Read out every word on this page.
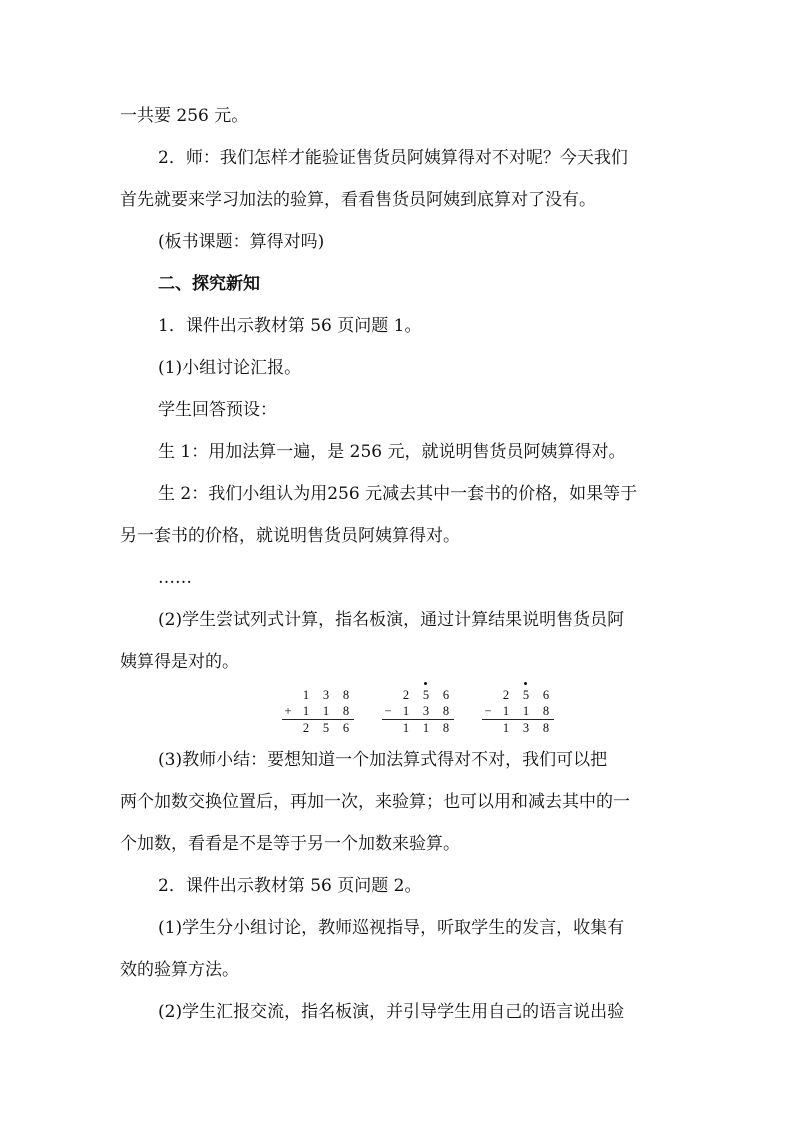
一共要 256 元。
2．师：我们怎样才能验证售货员阿姨算得对不对呢？今天我们
首先就要来学习加法的验算，看看售货员阿姨到底算对了没有。
(板书课题：算得对吗)
二、探究新知
1．课件出示教材第 56 页问题 1。
(1)小组讨论汇报。
学生回答预设：
生 1：用加法算一遍，是 256 元，就说明售货员阿姨算得对。
生 2：我们小组认为用256 元减去其中一套书的价格，如果等于
另一套书的价格，就说明售货员阿姨算得对。
……
(2)学生尝试列式计算，指名板演，通过计算结果说明售货员阿
姨算得是对的。
1 3 8
+ 1 1 8
2 5 6
2 5 6
− 1 3 8
1 1 8
2 5 6
− 1 1 8
1 3 8
(3)教师小结：要想知道一个加法算式得对不对，我们可以把
两个加数交换位置后，再加一次，来验算；也可以用和减去其中的一
个加数，看看是不是等于另一个加数来验算。
2．课件出示教材第 56 页问题 2。
(1)学生分小组讨论，教师巡视指导，听取学生的发言，收集有
效的验算方法。
(2)学生汇报交流，指名板演，并引导学生用自己的语言说出验
